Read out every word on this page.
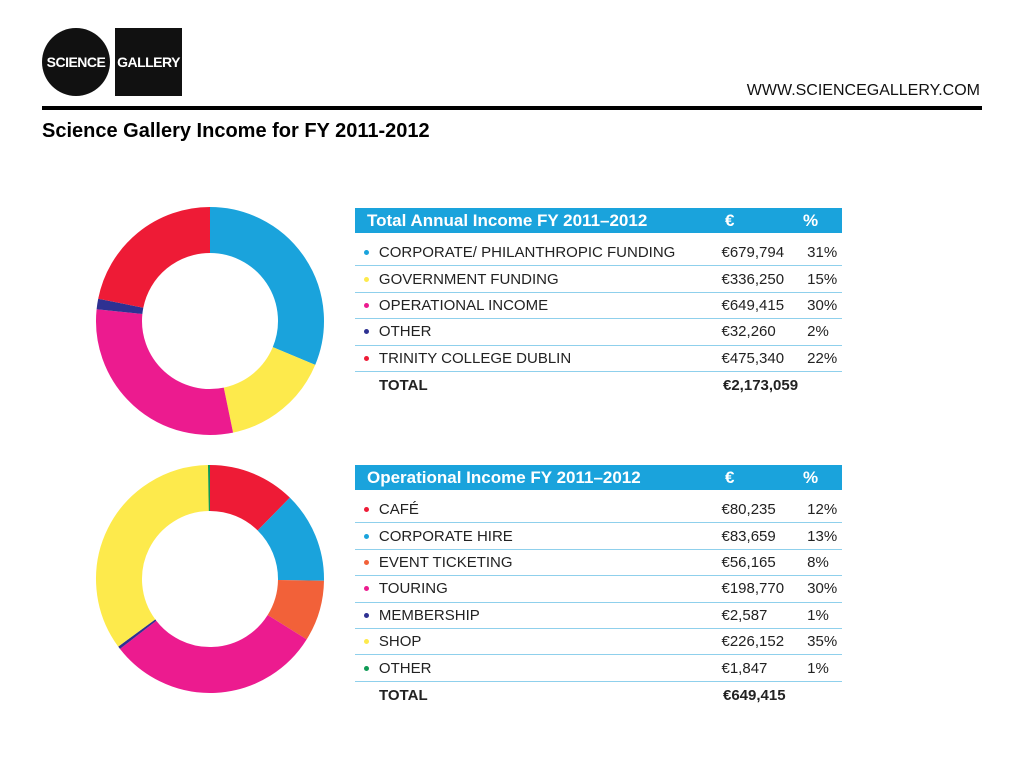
SCIENCE GALLERY
WWW.SCIENCEGALLERY.COM
Science Gallery Income for FY 2011-2012
Total Annual Income FY 2011–2012	€	%
CORPORATE/ PHILANTHROPIC FUNDING	€679,794	31%
GOVERNMENT FUNDING	€336,250	15%
OPERATIONAL INCOME	€649,415	30%
OTHER	€32,260	2%
TRINITY COLLEGE DUBLIN	€475,340	22%
TOTAL	€2,173,059
Operational Income FY 2011–2012	€	%
CAFÉ	€80,235	12%
CORPORATE HIRE	€83,659	13%
EVENT TICKETING	€56,165	8%
TOURING	€198,770	30%
MEMBERSHIP	€2,587	1%
SHOP	€226,152	35%
OTHER	€1,847	1%
TOTAL	€649,415
